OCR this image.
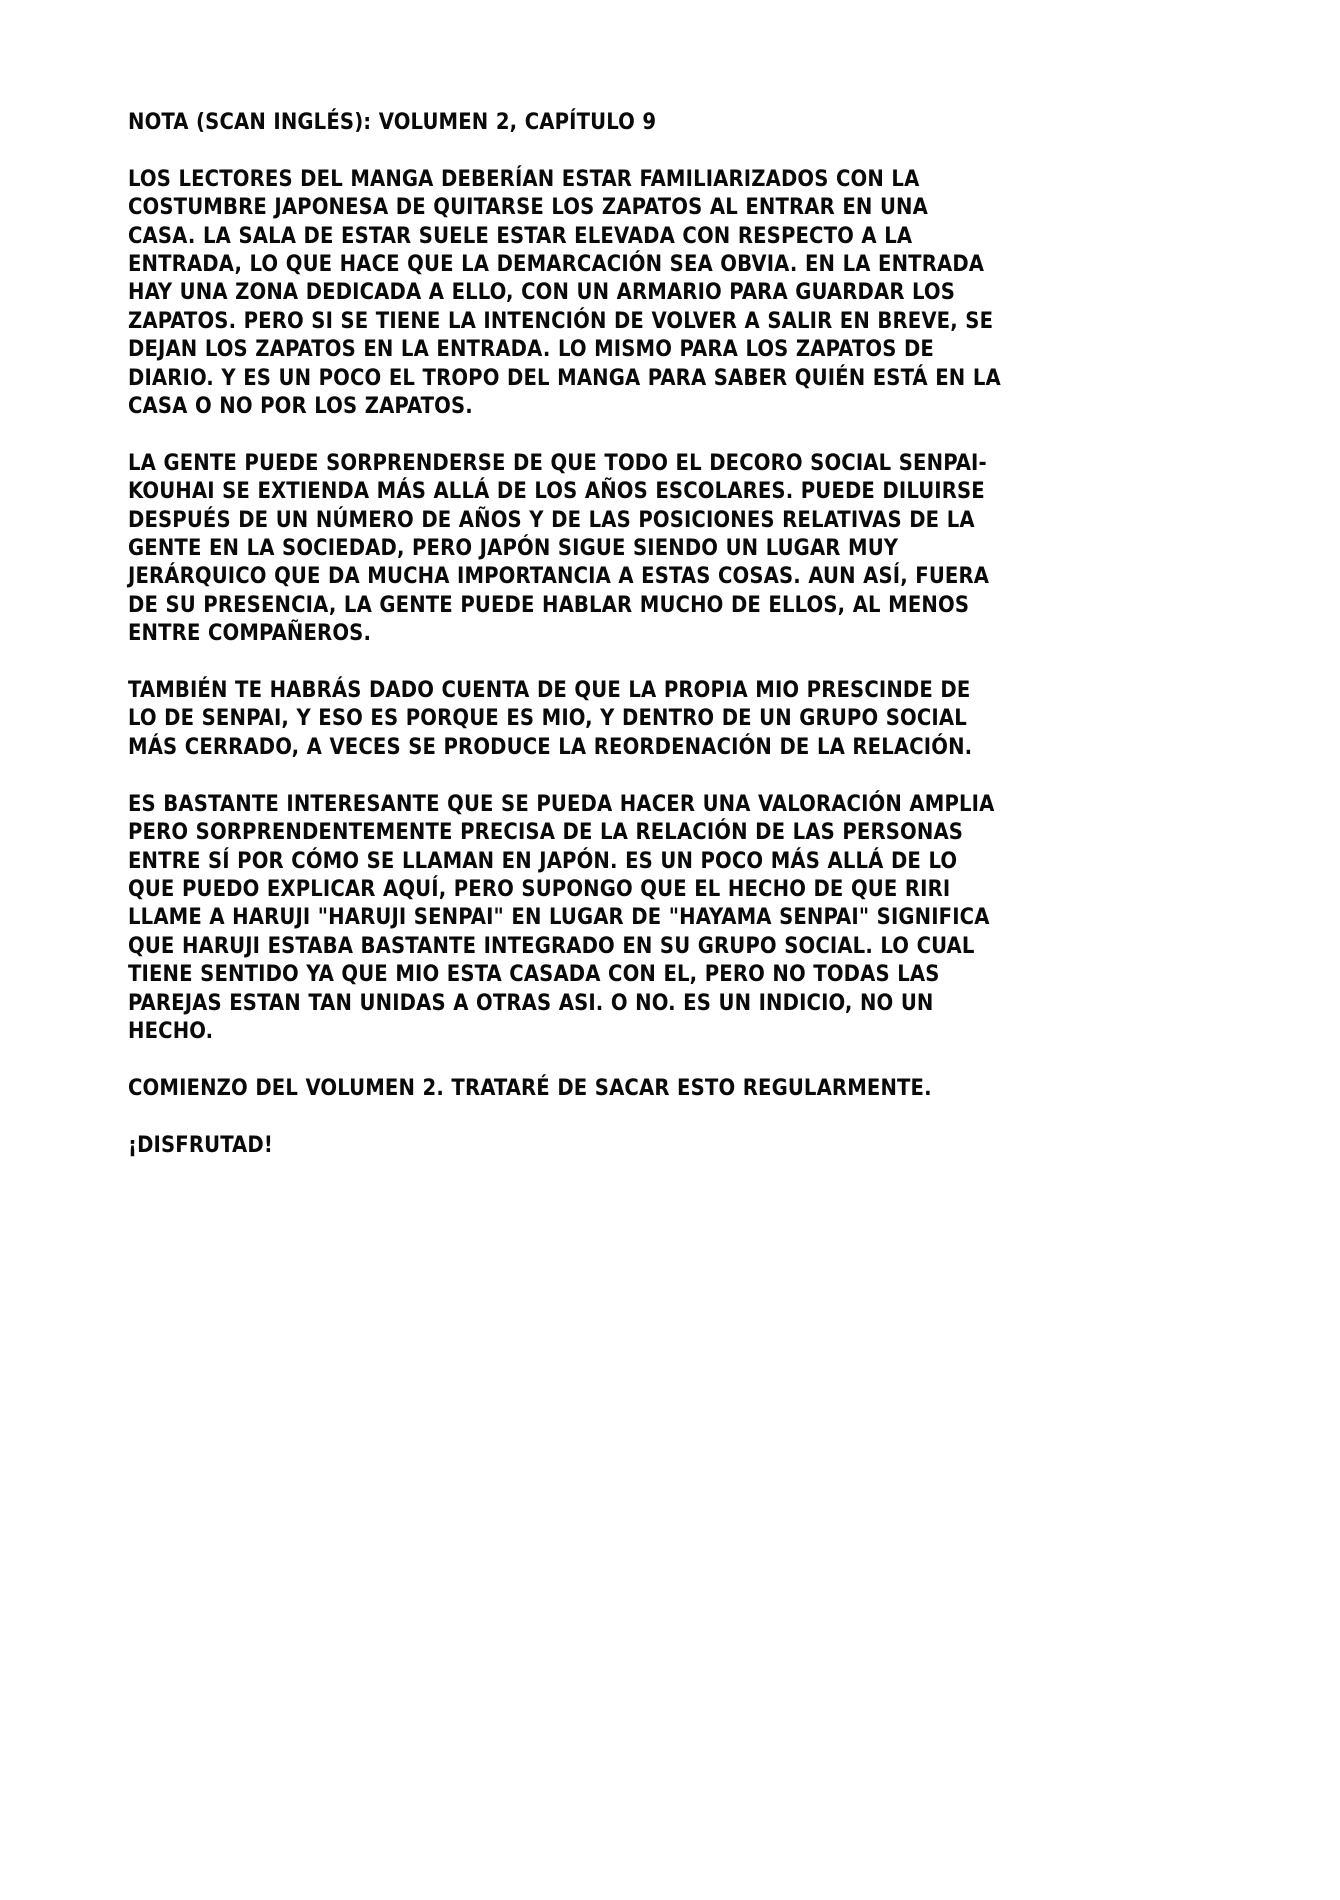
NOTA (SCAN INGLÉS): VOLUMEN 2, CAPÍTULO 9

LOS LECTORES DEL MANGA DEBERÍAN ESTAR FAMILIARIZADOS CON LA COSTUMBRE JAPONESA DE QUITARSE LOS ZAPATOS AL ENTRAR EN UNA CASA. LA SALA DE ESTAR SUELE ESTAR ELEVADA CON RESPECTO A LA ENTRADA, LO QUE HACE QUE LA DEMARCACIÓN SEA OBVIA. EN LA ENTRADA HAY UNA ZONA DEDICADA A ELLO, CON UN ARMARIO PARA GUARDAR LOS ZAPATOS. PERO SI SE TIENE LA INTENCIÓN DE VOLVER A SALIR EN BREVE, SE DEJAN LOS ZAPATOS EN LA ENTRADA. LO MISMO PARA LOS ZAPATOS DE DIARIO. Y ES UN POCO EL TROPO DEL MANGA PARA SABER QUIÉN ESTÁ EN LA CASA O NO POR LOS ZAPATOS.

LA GENTE PUEDE SORPRENDERSE DE QUE TODO EL DECORO SOCIAL SENPAI-KOUHAI SE EXTIENDA MÁS ALLÁ DE LOS AÑOS ESCOLARES. PUEDE DILUIRSE DESPUÉS DE UN NÚMERO DE AÑOS Y DE LAS POSICIONES RELATIVAS DE LA GENTE EN LA SOCIEDAD, PERO JAPÓN SIGUE SIENDO UN LUGAR MUY JERÁRQUICO QUE DA MUCHA IMPORTANCIA A ESTAS COSAS. AUN ASÍ, FUERA DE SU PRESENCIA, LA GENTE PUEDE HABLAR MUCHO DE ELLOS, AL MENOS ENTRE COMPAÑEROS.

TAMBIÉN TE HABRÁS DADO CUENTA DE QUE LA PROPIA MIO PRESCINDE DE LO DE SENPAI, Y ESO ES PORQUE ES MIO, Y DENTRO DE UN GRUPO SOCIAL MÁS CERRADO, A VECES SE PRODUCE LA REORDENACIÓN DE LA RELACIÓN.

ES BASTANTE INTERESANTE QUE SE PUEDA HACER UNA VALORACIÓN AMPLIA PERO SORPRENDENTEMENTE PRECISA DE LA RELACIÓN DE LAS PERSONAS ENTRE SÍ POR CÓMO SE LLAMAN EN JAPÓN. ES UN POCO MÁS ALLÁ DE LO QUE PUEDO EXPLICAR AQUÍ, PERO SUPONGO QUE EL HECHO DE QUE RIRI LLAME A HARUJI "HARUJI SENPAI" EN LUGAR DE "HAYAMA SENPAI" SIGNIFICA QUE HARUJI ESTABA BASTANTE INTEGRADO EN SU GRUPO SOCIAL. LO CUAL TIENE SENTIDO YA QUE MIO ESTA CASADA CON EL, PERO NO TODAS LAS PAREJAS ESTAN TAN UNIDAS A OTRAS ASI. O NO. ES UN INDICIO, NO UN HECHO.

COMIENZO DEL VOLUMEN 2. TRATARÉ DE SACAR ESTO REGULARMENTE.

¡DISFRUTAD!
